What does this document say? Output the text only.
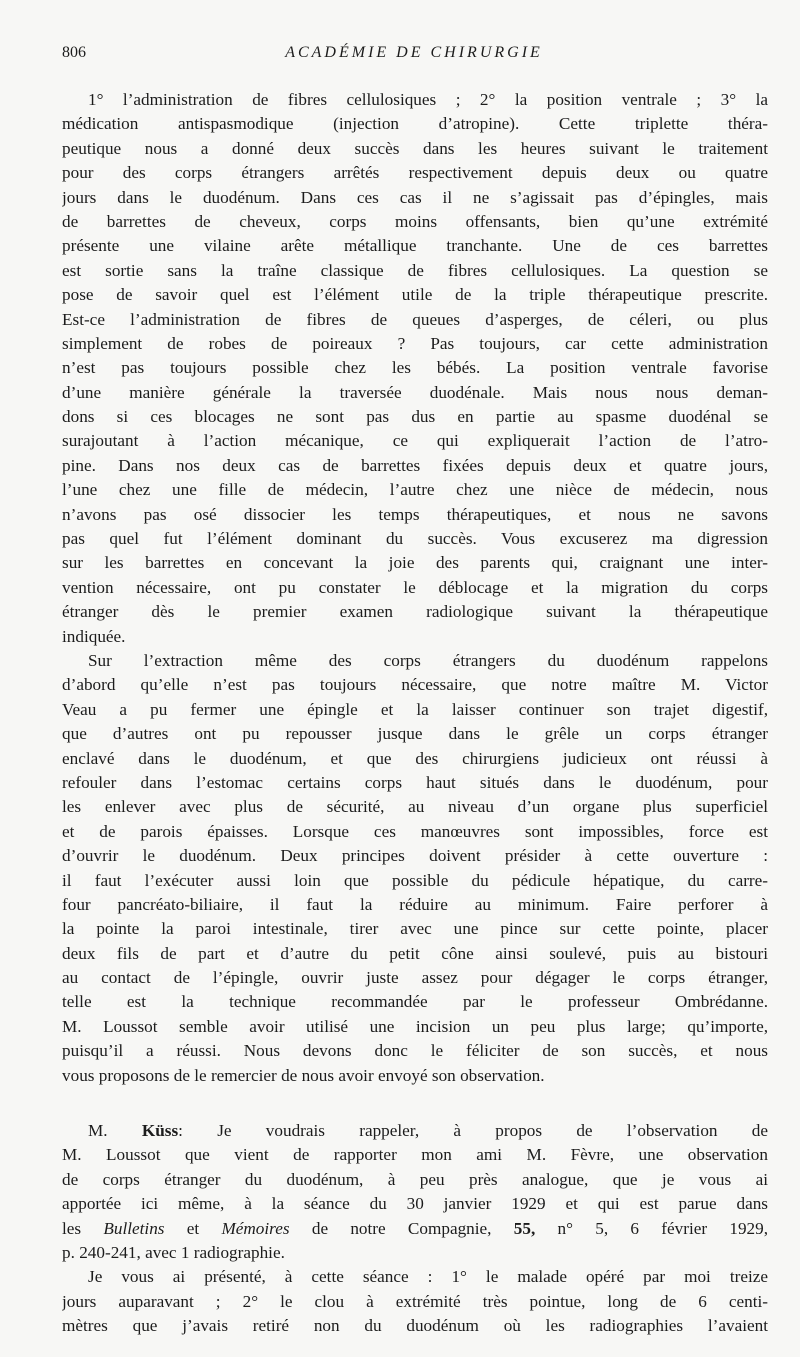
806	ACADÉMIE DE CHIRURGIE
1° l’administration de fibres cellulosiques ; 2° la position ventrale ; 3° la
médication antispasmodique (injection d’atropine). Cette triplette théra-
peutique nous a donné deux succès dans les heures suivant le traitement
pour des corps étrangers arrêtés respectivement depuis deux ou quatre
jours dans le duodénum. Dans ces cas il ne s’agissait pas d’épingles, mais
de barrettes de cheveux, corps moins offensants, bien qu’une extrémité
présente une vilaine arête métallique tranchante. Une de ces barrettes
est sortie sans la traîne classique de fibres cellulosiques. La question se
pose de savoir quel est l’élément utile de la triple thérapeutique prescrite.
Est-ce l’administration de fibres de queues d’asperges, de céleri, ou plus
simplement de robes de poireaux ? Pas toujours, car cette administration
n’est pas toujours possible chez les bébés. La position ventrale favorise
d’une manière générale la traversée duodénale. Mais nous nous deman-
dons si ces blocages ne sont pas dus en partie au spasme duodénal se
surajoutant à l’action mécanique, ce qui expliquerait l’action de l’atro-
pine. Dans nos deux cas de barrettes fixées depuis deux et quatre jours,
l’une chez une fille de médecin, l’autre chez une nièce de médecin, nous
n’avons pas osé dissocier les temps thérapeutiques, et nous ne savons
pas quel fut l’élément dominant du succès. Vous excuserez ma digression
sur les barrettes en concevant la joie des parents qui, craignant une inter-
vention nécessaire, ont pu constater le déblocage et la migration du corps
étranger dès le premier examen radiologique suivant la thérapeutique
indiquée.
Sur l’extraction même des corps étrangers du duodénum rappelons
d’abord qu’elle n’est pas toujours nécessaire, que notre maître M. Victor
Veau a pu fermer une épingle et la laisser continuer son trajet digestif,
que d’autres ont pu repousser jusque dans le grêle un corps étranger
enclavé dans le duodénum, et que des chirurgiens judicieux ont réussi à
refouler dans l’estomac certains corps haut situés dans le duodénum, pour
les enlever avec plus de sécurité, au niveau d’un organe plus superficiel
et de parois épaisses. Lorsque ces manœuvres sont impossibles, force est
d’ouvrir le duodénum. Deux principes doivent présider à cette ouverture :
il faut l’exécuter aussi loin que possible du pédicule hépatique, du carre-
four pancréato-biliaire, il faut la réduire au minimum. Faire perforer à
la pointe la paroi intestinale, tirer avec une pince sur cette pointe, placer
deux fils de part et d’autre du petit cône ainsi soulevé, puis au bistouri
au contact de l’épingle, ouvrir juste assez pour dégager le corps étranger,
telle est la technique recommandée par le professeur Ombrédanne.
M. Loussot semble avoir utilisé une incision un peu plus large; qu’importe,
puisqu’il a réussi. Nous devons donc le féliciter de son succès, et nous
vous proposons de le remercier de nous avoir envoyé son observation.
M. Küss: Je voudrais rappeler, à propos de l’observation de
M. Loussot que vient de rapporter mon ami M. Fèvre, une observation
de corps étranger du duodénum, à peu près analogue, que je vous ai
apportée ici même, à la séance du 30 janvier 1929 et qui est parue dans
les Bulletins et Mémoires de notre Compagnie, 55, n° 5, 6 février 1929,
p. 240-241, avec 1 radiographie.
Je vous ai présenté, à cette séance : 1° le malade opéré par moi treize
jours auparavant ; 2° le clou à extrémité très pointue, long de 6 centi-
mètres que j’avais retiré non du duodénum où les radiographies l’avaient
